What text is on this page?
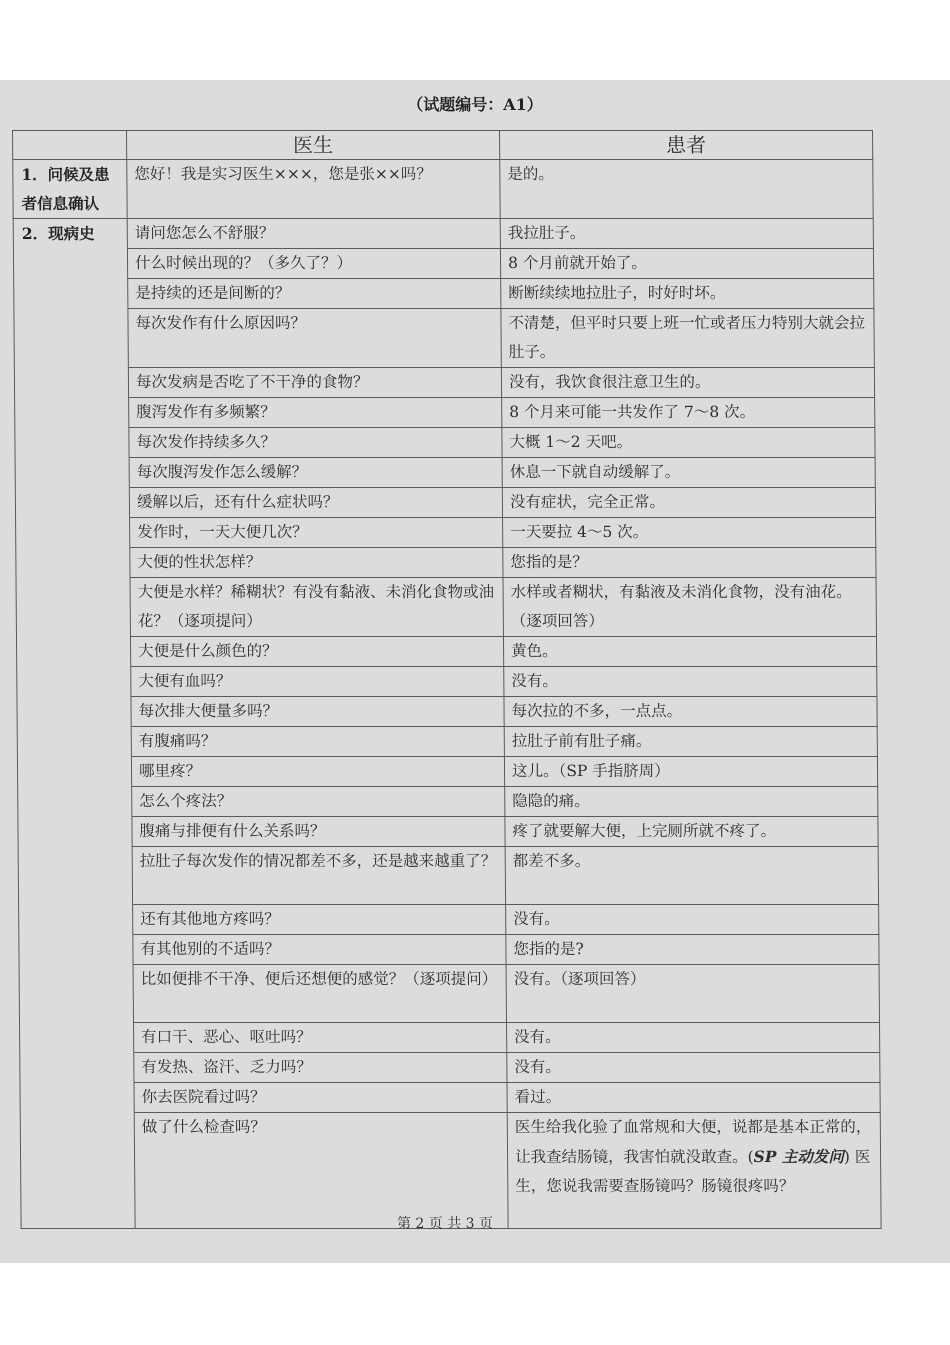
（试题编号：A1）
	医生	患者
1．问候及患者信息确认	您好！我是实习医生×××，您是张××吗？	是的。
2．现病史	请问您怎么不舒服？	我拉肚子。
	什么时候出现的？（多久了？）	8 个月前就开始了。
	是持续的还是间断的？	断断续续地拉肚子，时好时坏。
	每次发作有什么原因吗？	不清楚，但平时只要上班一忙或者压力特别大就会拉肚子。
	每次发病是否吃了不干净的食物？	没有，我饮食很注意卫生的。
	腹泻发作有多频繁？	8 个月来可能一共发作了 7～8 次。
	每次发作持续多久？	大概 1～2 天吧。
	每次腹泻发作怎么缓解？	休息一下就自动缓解了。
	缓解以后，还有什么症状吗？	没有症状，完全正常。
	发作时，一天大便几次？	一天要拉 4～5 次。
	大便的性状怎样？	您指的是？
	大便是水样？稀糊状？有没有黏液、未消化食物或油花？（逐项提问）	水样或者糊状，有黏液及未消化食物，没有油花。（逐项回答）
	大便是什么颜色的？	黄色。
	大便有血吗？	没有。
	每次排大便量多吗？	每次拉的不多，一点点。
	有腹痛吗？	拉肚子前有肚子痛。
	哪里疼？	这儿。（SP 手指脐周）
	怎么个疼法？	隐隐的痛。
	腹痛与排便有什么关系吗？	疼了就要解大便，上完厕所就不疼了。
	拉肚子每次发作的情况都差不多，还是越来越重了？	都差不多。
	还有其他地方疼吗？	没有。
	有其他别的不适吗？	您指的是?
	比如便排不干净、便后还想便的感觉？（逐项提问）	没有。（逐项回答）
	有口干、恶心、呕吐吗？	没有。
	有发热、盗汗、乏力吗？	没有。
	你去医院看过吗？	看过。
	做了什么检查吗？	医生给我化验了血常规和大便，说都是基本正常的，让我查结肠镜，我害怕就没敢查。(SP 主动发问) 医生，您说我需要查肠镜吗？肠镜很疼吗？
第 2 页 共 3 页
